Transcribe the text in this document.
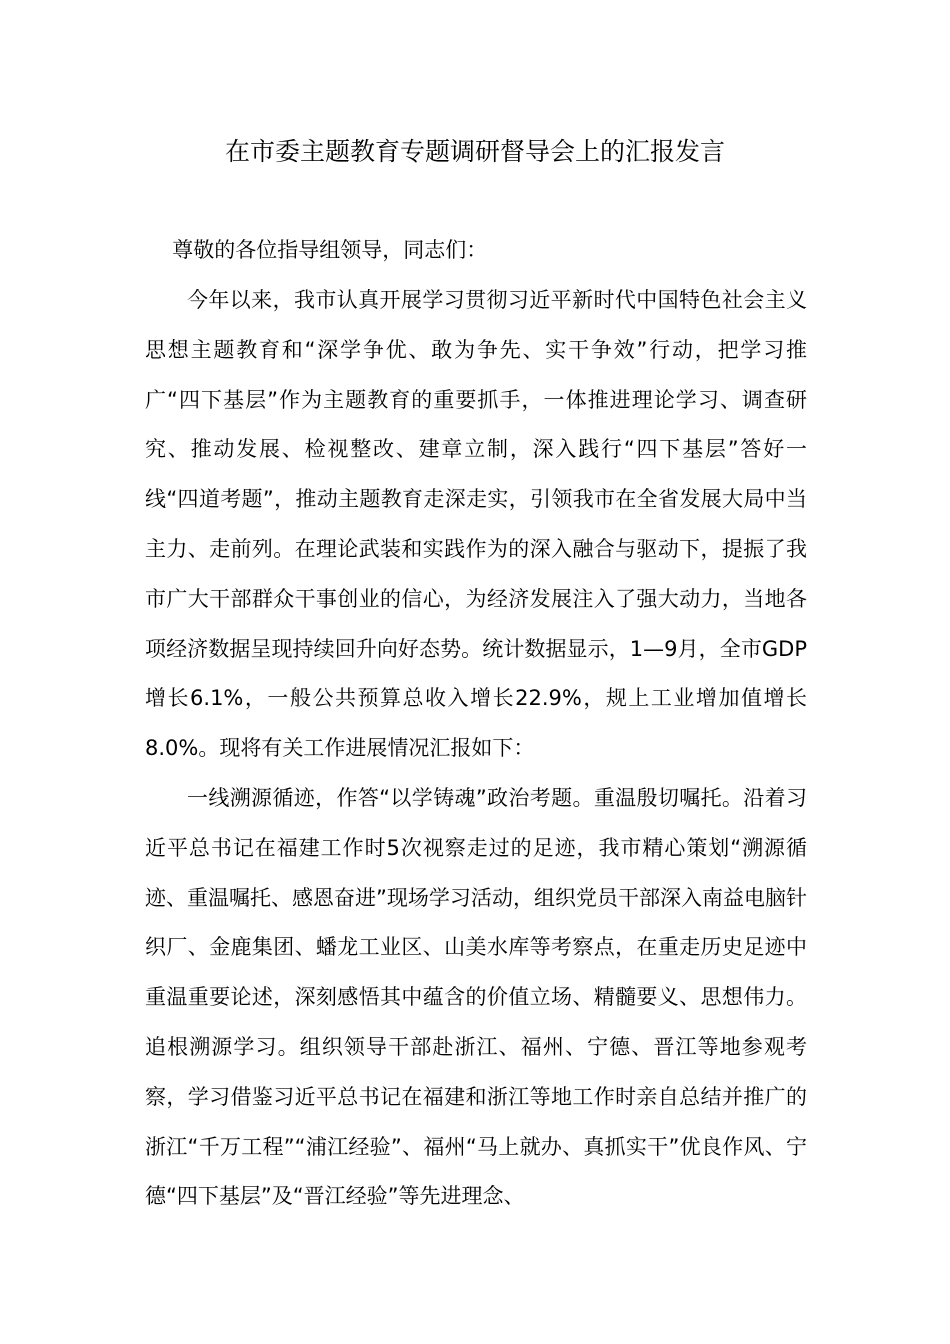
在市委主题教育专题调研督导会上的汇报发言

尊敬的各位指导组领导，同志们：

今年以来，我市认真开展学习贯彻习近平新时代中国特色社会主义思想主题教育和“深学争优、敢为争先、实干争效”行动，把学习推广“四下基层”作为主题教育的重要抓手，一体推进理论学习、调查研究、推动发展、检视整改、建章立制，深入践行“四下基层”答好一线“四道考题”，推动主题教育走深走实，引领我市在全省发展大局中当主力、走前列。在理论武装和实践作为的深入融合与驱动下，提振了我市广大干部群众干事创业的信心，为经济发展注入了强大动力，当地各项经济数据呈现持续回升向好态势。统计数据显示，1—9月，全市GDP增长6.1%，一般公共预算总收入增长22.9%，规上工业增加值增长8.0%。现将有关工作进展情况汇报如下：

一线溯源循迹，作答“以学铸魂”政治考题。重温殷切嘱托。沿着习近平总书记在福建工作时5次视察走过的足迹，我市精心策划“溯源循迹、重温嘱托、感恩奋进”现场学习活动，组织党员干部深入南益电脑针织厂、金鹿集团、蟠龙工业区、山美水库等考察点，在重走历史足迹中重温重要论述，深刻感悟其中蕴含的价值立场、精髓要义、思想伟力。追根溯源学习。组织领导干部赴浙江、福州、宁德、晋江等地参观考察，学习借鉴习近平总书记在福建和浙江等地工作时亲自总结并推广的浙江“千万工程”“浦江经验”、福州“马上就办、真抓实干”优良作风、宁德“四下基层”及“晋江经验”等先进理念、
